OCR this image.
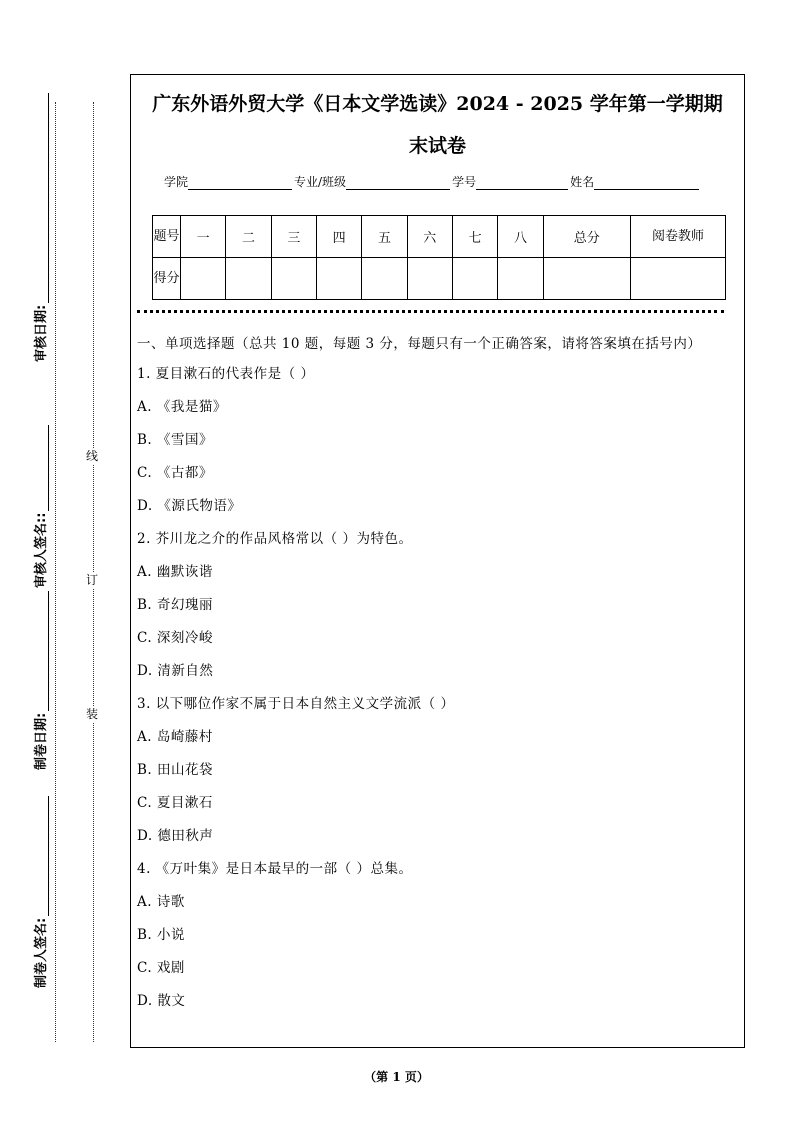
线
订
装
审核日期:
审核人签名::
制卷日期:
制卷人签名:
广东外语外贸大学《日本文学选读》2024 - 2025 学年第一学期期
末试卷
学院	专业/班级	学号	姓名
题号	一	二	三	四	五	六	七	八	总分	阅卷教师
得分										
一、单项选择题（总共 10 题，每题 3 分，每题只有一个正确答案，请将答案填在括号内）
1. 夏目漱石的代表作是（ ）
A. 《我是猫》
B. 《雪国》
C. 《古都》
D. 《源氏物语》
2. 芥川龙之介的作品风格常以（ ）为特色。
A. 幽默诙谐
B. 奇幻瑰丽
C. 深刻冷峻
D. 清新自然
3. 以下哪位作家不属于日本自然主义文学流派（ ）
A. 岛崎藤村
B. 田山花袋
C. 夏目漱石
D. 德田秋声
4. 《万叶集》是日本最早的一部（ ）总集。
A. 诗歌
B. 小说
C. 戏剧
D. 散文
（第 1 页）
